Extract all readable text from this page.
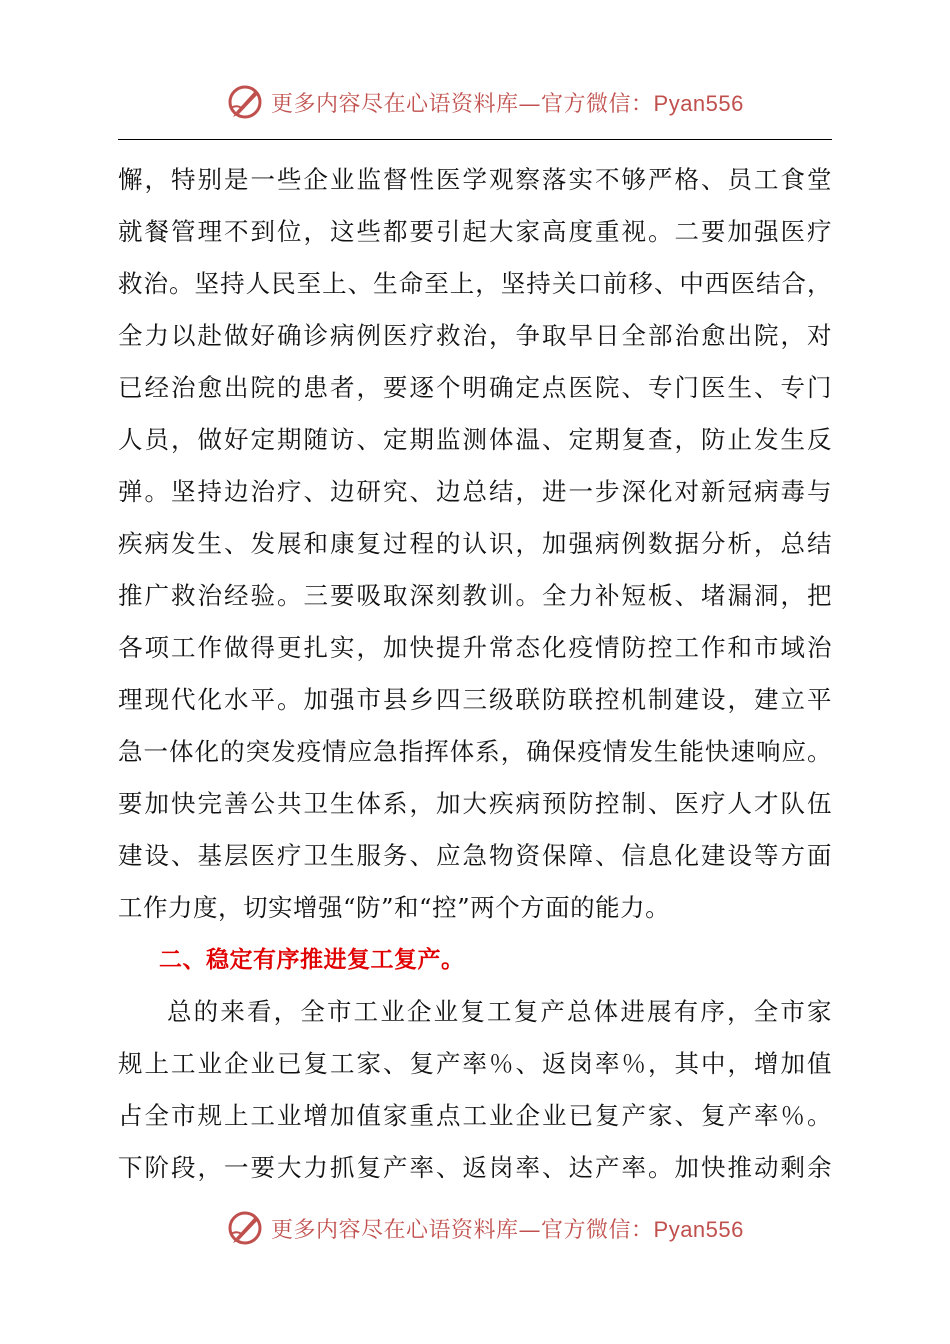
更多内容尽在心语资料库—官方微信：Pyan556
懈，特别是一些企业监督性医学观察落实不够严格、员工食堂
就餐管理不到位，这些都要引起大家高度重视。二要加强医疗
救治。坚持人民至上、生命至上，坚持关口前移、中西医结合，
全力以赴做好确诊病例医疗救治，争取早日全部治愈出院，对
已经治愈出院的患者，要逐个明确定点医院、专门医生、专门
人员，做好定期随访、定期监测体温、定期复查，防止发生反
弹。坚持边治疗、边研究、边总结，进一步深化对新冠病毒与
疾病发生、发展和康复过程的认识，加强病例数据分析，总结
推广救治经验。三要吸取深刻教训。全力补短板、堵漏洞，把
各项工作做得更扎实，加快提升常态化疫情防控工作和市域治
理现代化水平。加强市县乡四三级联防联控机制建设，建立平
急一体化的突发疫情应急指挥体系，确保疫情发生能快速响应。
要加快完善公共卫生体系，加大疾病预防控制、医疗人才队伍
建设、基层医疗卫生服务、应急物资保障、信息化建设等方面
工作力度，切实增强“防”和“控”两个方面的能力。
二、稳定有序推进复工复产。
总的来看，全市工业企业复工复产总体进展有序，全市家
规上工业企业已复工家、复产率％、返岗率％，其中，增加值
占全市规上工业增加值家重点工业企业已复产家、复产率％。
下阶段，一要大力抓复产率、返岗率、达产率。加快推动剩余
更多内容尽在心语资料库—官方微信：Pyan556
